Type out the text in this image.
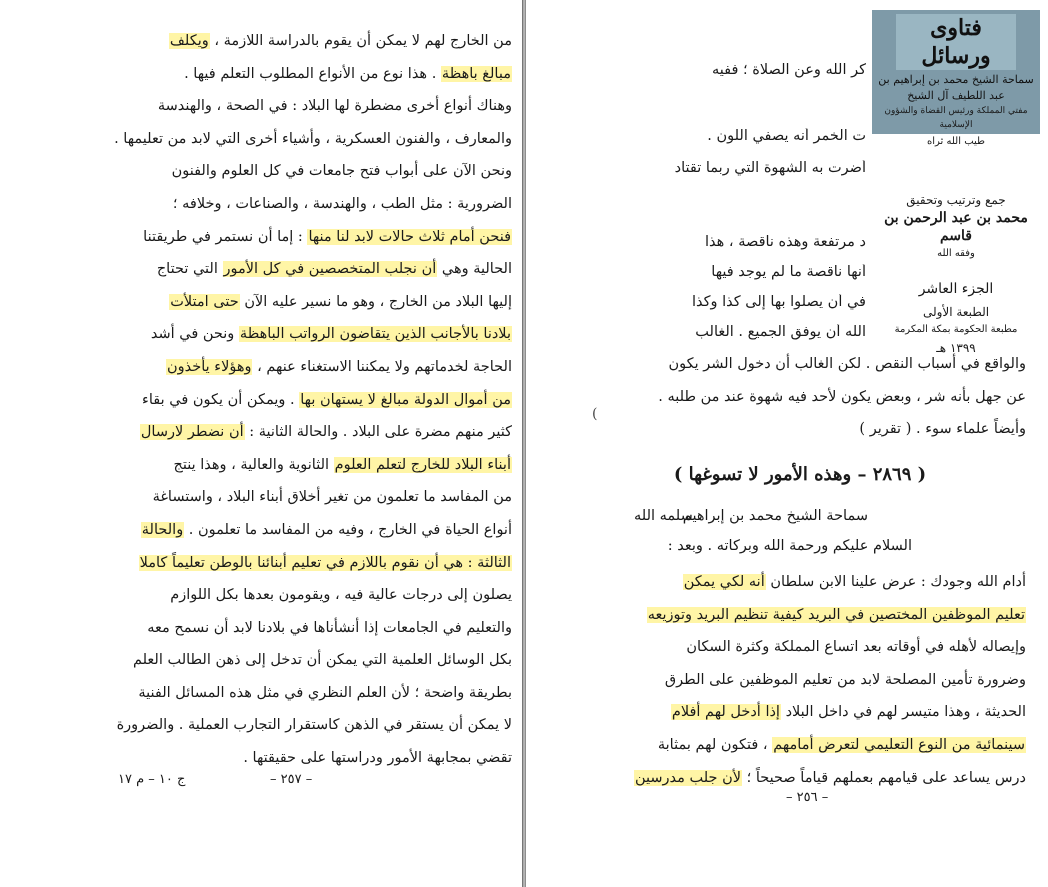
من الخارج لهم لا يمكن أن يقوم بالدراسة اللازمة ، ويكلف
مبالغ باهظة . هذا نوع من الأنواع المطلوب التعلم فيها .
وهناك أنواع أخرى مضطرة لها البلاد : في الصحة ، والهندسة
والمعارف ، والفنون العسكرية ، وأشياء أخرى التي لابد من تعليمها .
ونحن الآن على أبواب فتح جامعات في كل العلوم والفنون
الضرورية : مثل الطب ، والهندسة ، والصناعات ، وخلافه ؛
فنحن أمام ثلاث حالات لابد لنا منها : إما أن نستمر في طريقتنا
الحالية وهي أن نجلب المتخصصين في كل الأمور التي تحتاج
إليها البلاد من الخارج ، وهو ما نسير عليه الآن حتى امتلأت
بلادنا بالأجانب الذين يتقاضون الرواتب الباهظة ونحن في أشد
الحاجة لخدماتهم ولا يمكننا الاستغناء عنهم ، وهؤلاء يأخذون
من أموال الدولة مبالغ لا يستهان بها . ويمكن أن يكون في بقاء
كثير منهم مضرة على البلاد . والحالة الثانية : أن نضطر لارسال
أبناء البلاد للخارج لتعلم العلوم الثانوية والعالية ، وهذا ينتج
من المفاسد ما تعلمون من تغير أخلاق أبناء البلاد ، واستساغة
أنواع الحياة في الخارج ، وفيه من المفاسد ما تعلمون . والحالة
الثالثة : هي أن نقوم باللازم في تعليم أبنائنا بالوطن تعليماً كاملا
يصلون إلى درجات عالية فيه ، ويقومون بعدها بكل اللوازم
والتعليم في الجامعات إذا أنشأناها في بلادنا لابد أن نسمح معه
بكل الوسائل العلمية التي يمكن أن تدخل إلى ذهن الطالب العلم
بطريقة واضحة ؛ لأن العلم النظري في مثل هذه المسائل الفنية
لا يمكن أن يستقر في الذهن كاستقرار التجارب العملية . والضرورة
تقضي بمجابهة الأمور ودراستها على حقيقتها .
– ٢٥٧ –
ج ١٠ – م ١٧
كر الله وعن الصلاة ؛ ففيه
ت الخمر أنه يصفي اللون .
أضرت به الشهوة التي ربما تقتاد
د مرتفعة وهذه ناقصة ، هذا
أنها ناقصة ما لم يوجد فيها
في أن يصلوا بها إلى كذا وكذا
الله أن يوفق الجميع . الغالب
والواقع في أسباب النقص . لكن الغالب أن دخول الشر يكون
عن جهل بأنه شر ، وبعض يكون لأحد فيه شهوة عند من طلبه .
وأيضاً علماء سوء . ( تقرير )
( ٢٨٦٩ – وهذه الأمور لا تسوغها )
سماحة الشيخ محمد بن إبراهيم
سلمه الله
السلام عليكم ورحمة الله وبركاته . وبعد :
أدام الله وجودك : عرض علينا الابن سلطان أنه لكي يمكن
تعليم الموظفين المختصين في البريد كيفية تنظيم البريد وتوزيعه
وإيصاله لأهله في أوقاته بعد اتساع المملكة وكثرة السكان
وضرورة تأمين المصلحة لابد من تعليم الموظفين على الطرق
الحديثة ، وهذا متيسر لهم في داخل البلاد إذا أدخل لهم أفلام
سينمائية من النوع التعليمي لتعرض أمامهم ، فتكون لهم بمثابة
درس يساعد على قيامهم بعملهم قياماً صحيحاً ؛ لأن جلب مدرسين
– ٢٥٦ –
(
فتاوى ورسائل
سماحة الشيخ محمد بن إبراهيم بن عبد اللطيف آل الشيخ
مفتي المملكة ورئيس القضاة والشؤون الإسلامية
طيب الله ثراه
جمع وترتيب وتحقيق
محمد بن عبد الرحمن بن قاسم
وفقه الله
الجزء العاشر
الطبعة الأولى
مطبعة الحكومة بمكة المكرمة
١٣٩٩ هـ
